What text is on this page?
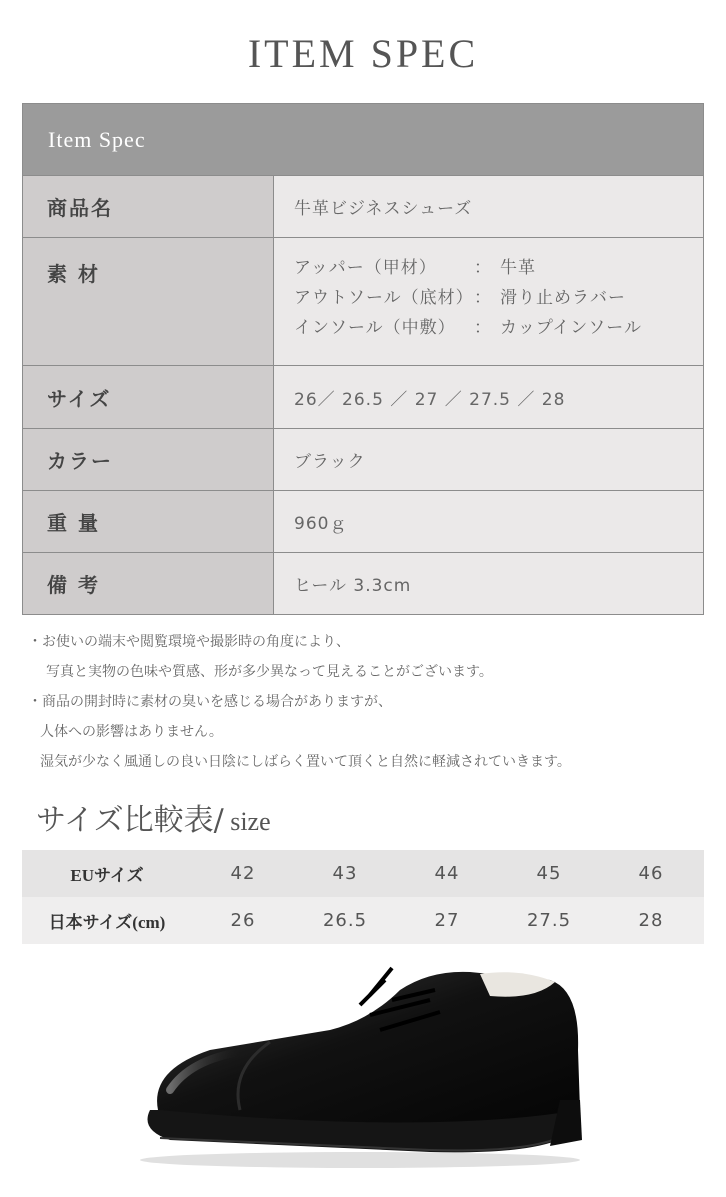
ITEM SPEC
Item Spec
商品名	牛革ビジネスシューズ
素 材	アッパー（甲材）	： 牛革
アウトソール（底材） ： 滑り止めラバー
インソール（中敷）	： カップインソール
サイズ	26／ 26.5 ／ 27 ／ 27.5 ／ 28
カラー	ブラック
重 量	960ｇ
備 考	ヒール 3.3cm
・お使いの端末や閲覧環境や撮影時の角度により、
写真と実物の色味や質感、形が多少異なって見えることがございます。
・商品の開封時に素材の臭いを感じる場合がありますが、
人体への影響はありません。
湿気が少なく風通しの良い日陰にしばらく置いて頂くと自然に軽減されていきます。
サイズ比較表/ size
EUサイズ	42	43	44	45	46
日本サイズ(cm)	26	26.5	27	27.5	28
